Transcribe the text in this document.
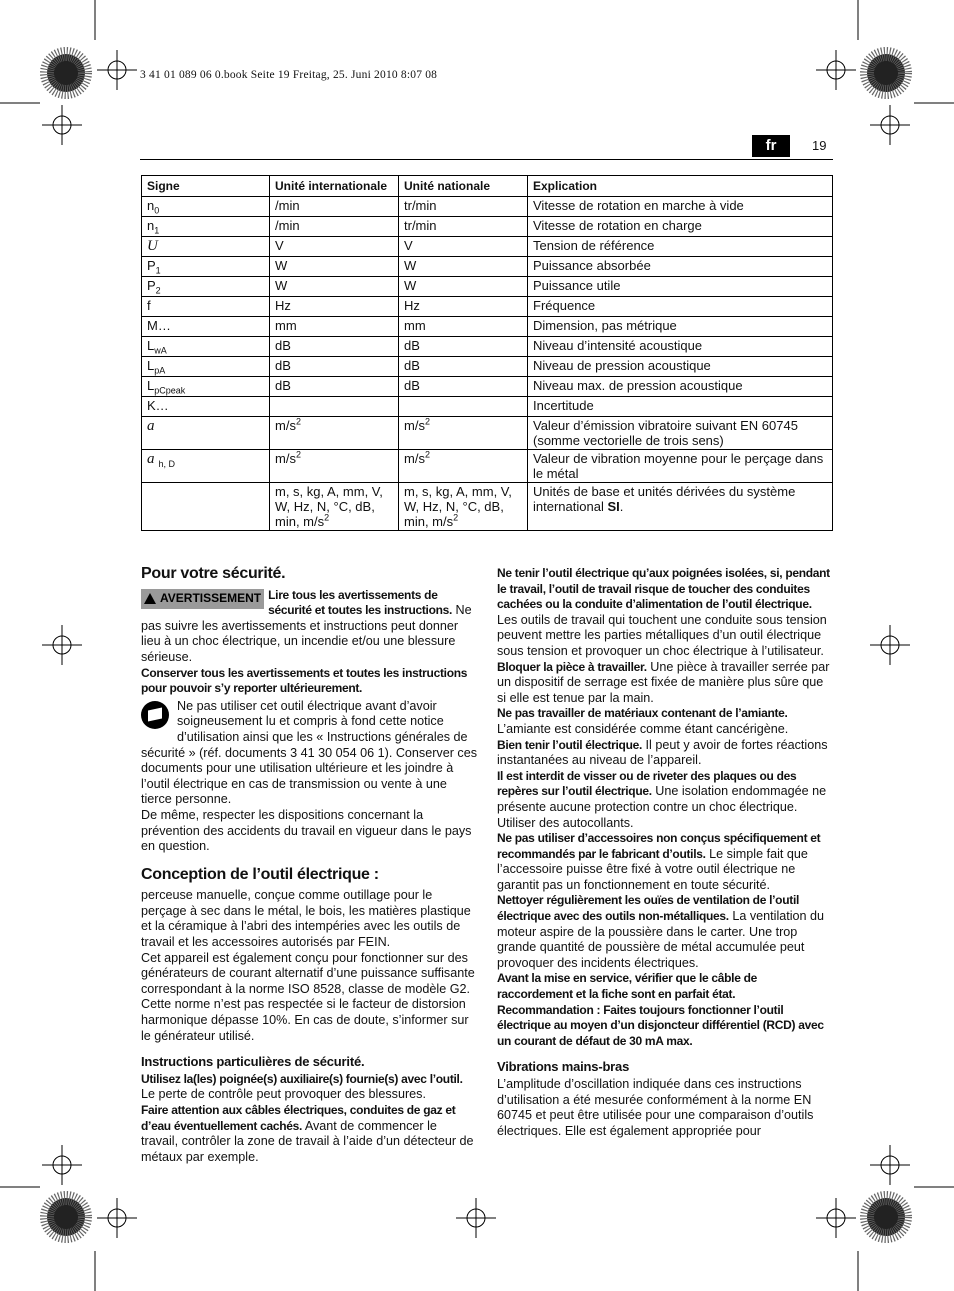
3 41 01 089 06 0.book Seite 19 Freitag, 25. Juni 2010 8:07 08
fr	19
Signe	Unité internationale	Unité nationale	Explication
$n_0$	/min	tr/min	Vitesse de rotation en marche à vide
$n_1$	/min	tr/min	Vitesse de rotation en charge
U	V	V	Tension de référence
$P_1$	W	W	Puissance absorbée
$P_2$	W	W	Puissance utile
f	Hz	Hz	Fréquence
M…	mm	mm	Dimension, pas métrique
$L_{wA}$	dB	dB	Niveau d’intensité acoustique
$L_{pA}$	dB	dB	Niveau de pression acoustique
$L_{pCpeak}$	dB	dB	Niveau max. de pression acoustique
K…			Incertitude
a	$m/s^2$	$m/s^2$	Valeur d’émission vibratoire suivant EN 60745 (somme vectorielle de trois sens)
a $_{h, D}$	$m/s^2$	$m/s^2$	Valeur de vibration moyenne pour le perçage dans le métal
	m, s, kg, A, mm, V, W, Hz, N, °C, dB, min, $m/s^2$	m, s, kg, A, mm, V, W, Hz, N, °C, dB, min, $m/s^2$	Unités de base et unités dérivées du système international SI.
Pour votre sécurité.
AVERTISSEMENT Lire tous les avertissements de sécurité et toutes les instructions. Ne pas suivre les avertissements et instructions peut donner lieu à un choc électrique, un incendie et/ou une blessure sérieuse.

Conserver tous les avertissements et toutes les instructions pour pouvoir s’y reporter ultérieurement.

Ne pas utiliser cet outil électrique avant d’avoir soigneusement lu et compris à fond cette notice d’utilisation ainsi que les « Instructions générales de sécurité » (réf. documents 3 41 30 054 06 1). Conserver ces documents pour une utilisation ultérieure et les joindre à l’outil électrique en cas de transmission ou vente à une tierce personne.

De même, respecter les dispositions concernant la prévention des accidents du travail en vigueur dans le pays en question.

Conception de l’outil électrique :

perceuse manuelle, conçue comme outillage pour le perçage à sec dans le métal, le bois, les matières plastique et la céramique à l’abri des intempéries avec les outils de travail et les accessoires autorisés par FEIN.

Cet appareil est également conçu pour fonctionner sur des générateurs de courant alternatif d’une puissance suffisante correspondant à la norme ISO 8528, classe de modèle G2. Cette norme n’est pas respectée si le facteur de distorsion harmonique dépasse 10%. En cas de doute, s’informer sur le générateur utilisé.

Instructions particulières de sécurité.

Utilisez la(les) poignée(s) auxiliaire(s) fournie(s) avec l’outil. Le perte de contrôle peut provoquer des blessures.

Faire attention aux câbles électriques, conduites de gaz et d’eau éventuellement cachés. Avant de commencer le travail, contrôler la zone de travail à l’aide d’un détecteur de métaux par exemple.

Ne tenir l’outil électrique qu’aux poignées isolées, si, pendant le travail, l’outil de travail risque de toucher des conduites cachées ou la conduite d’alimentation de l’outil électrique. Les outils de travail qui touchent une conduite sous tension peuvent mettre les parties métalliques d’un outil électrique sous tension et provoquer un choc électrique à l’utilisateur.

Bloquer la pièce à travailler. Une pièce à travailler serrée par un dispositif de serrage est fixée de manière plus sûre que si elle est tenue par la main.

Ne pas travailler de matériaux contenant de l’amiante. L’amiante est considérée comme étant cancérigène.

Bien tenir l’outil électrique. Il peut y avoir de fortes réactions instantanées au niveau de l’appareil.

Il est interdit de visser ou de riveter des plaques ou des repères sur l’outil électrique. Une isolation endommagée ne présente aucune protection contre un choc électrique. Utiliser des autocollants.

Ne pas utiliser d’accessoires non conçus spécifiquement et recommandés par le fabricant d’outils. Le simple fait que l’accessoire puisse être fixé à votre outil électrique ne garantit pas un fonctionnement en toute sécurité.

Nettoyer régulièrement les ouïes de ventilation de l’outil électrique avec des outils non-métalliques. La ventilation du moteur aspire de la poussière dans le carter. Une trop grande quantité de poussière de métal accumulée peut provoquer des incidents électriques.

Avant la mise en service, vérifier que le câble de raccordement et la fiche sont en parfait état.

Recommandation : Faites toujours fonctionner l’outil électrique au moyen d’un disjoncteur différentiel (RCD) avec un courant de défaut de 30 mA max.

Vibrations mains-bras

L’amplitude d’oscillation indiquée dans ces instructions d’utilisation a été mesurée conformément à la norme EN 60745 et peut être utilisée pour une comparaison d’outils électriques. Elle est également appropriée pour
